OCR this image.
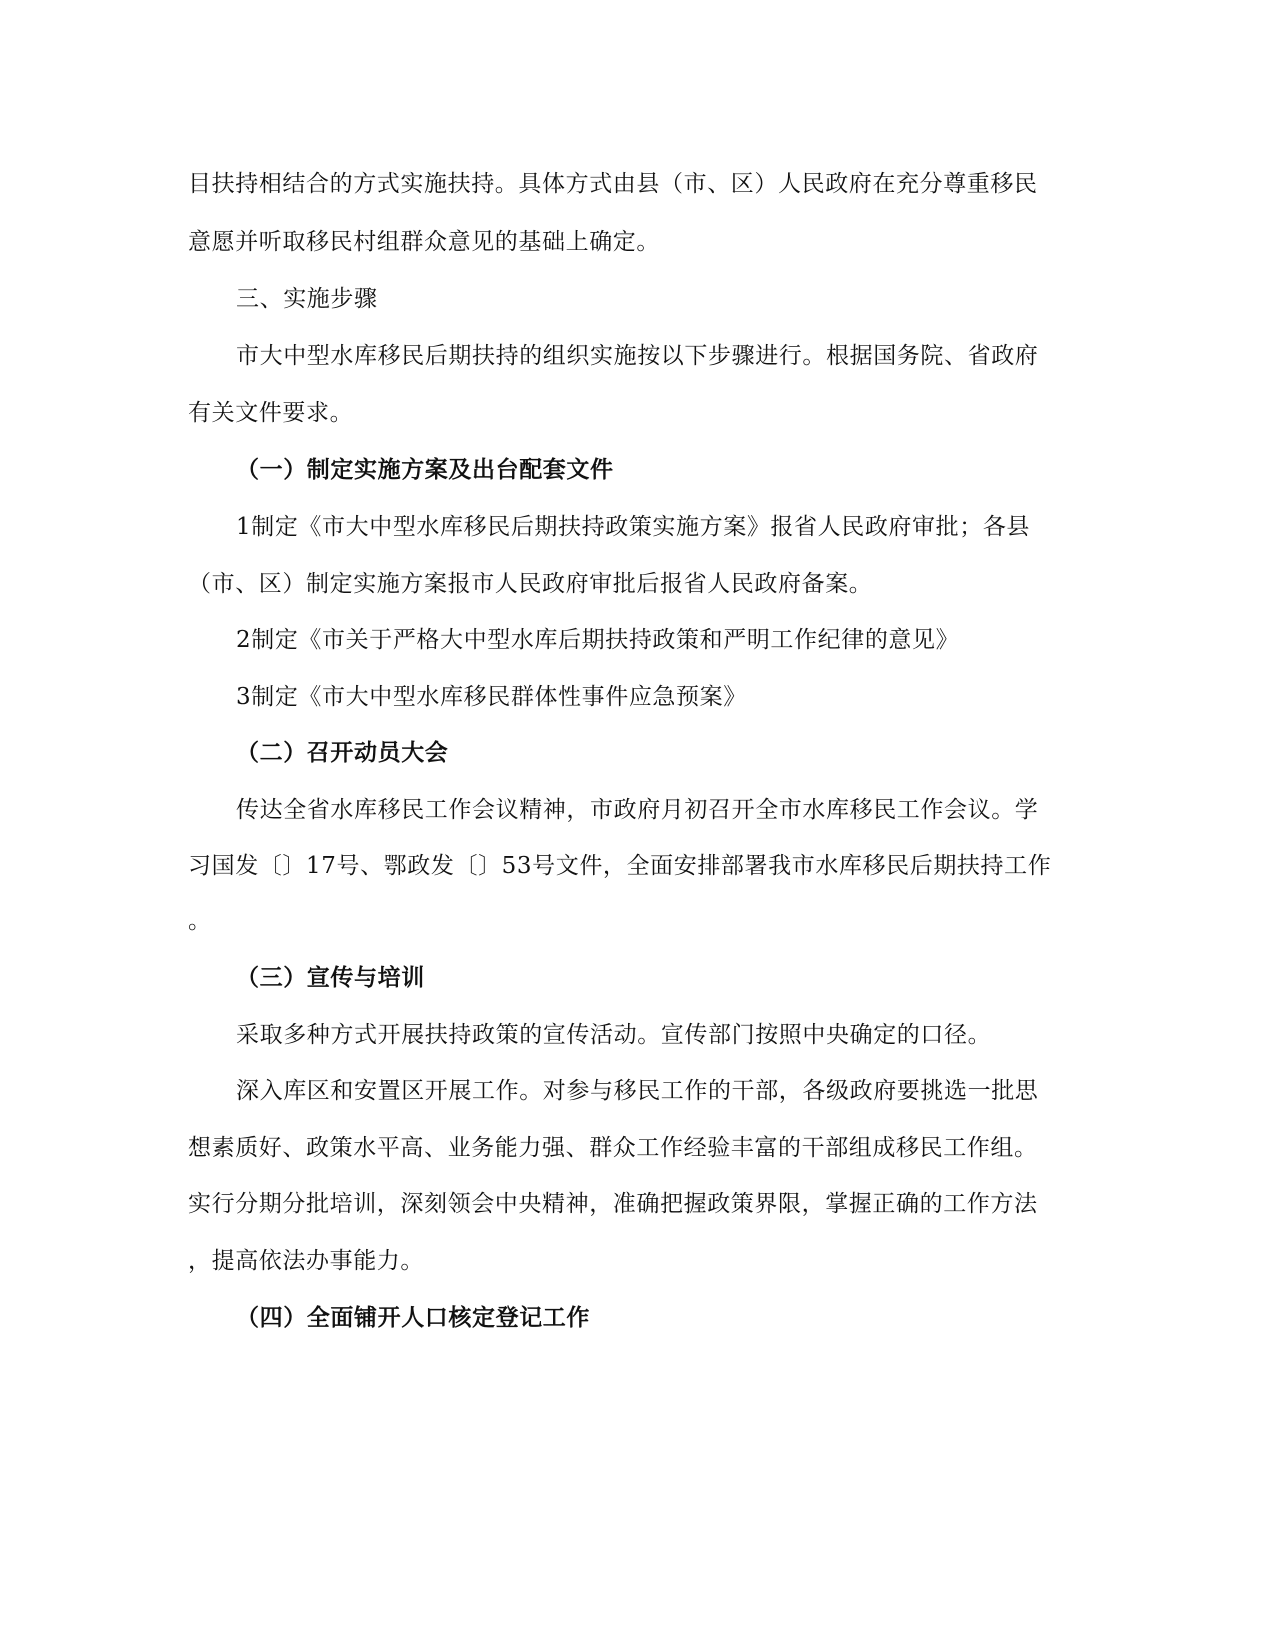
目扶持相结合的方式实施扶持。具体方式由县（市、区）人民政府在充分尊重移民
意愿并听取移民村组群众意见的基础上确定。
三、实施步骤
市大中型水库移民后期扶持的组织实施按以下步骤进行。根据国务院、省政府
有关文件要求。
（一）制定实施方案及出台配套文件
1制定《市大中型水库移民后期扶持政策实施方案》报省人民政府审批；各县
（市、区）制定实施方案报市人民政府审批后报省人民政府备案。
2制定《市关于严格大中型水库后期扶持政策和严明工作纪律的意见》
3制定《市大中型水库移民群体性事件应急预案》
（二）召开动员大会
传达全省水库移民工作会议精神，市政府月初召开全市水库移民工作会议。学
习国发〔〕17号、鄂政发〔〕53号文件，全面安排部署我市水库移民后期扶持工作
。
（三）宣传与培训
采取多种方式开展扶持政策的宣传活动。宣传部门按照中央确定的口径。
深入库区和安置区开展工作。对参与移民工作的干部，各级政府要挑选一批思
想素质好、政策水平高、业务能力强、群众工作经验丰富的干部组成移民工作组。
实行分期分批培训，深刻领会中央精神，准确把握政策界限，掌握正确的工作方法
，提高依法办事能力。
（四）全面铺开人口核定登记工作
